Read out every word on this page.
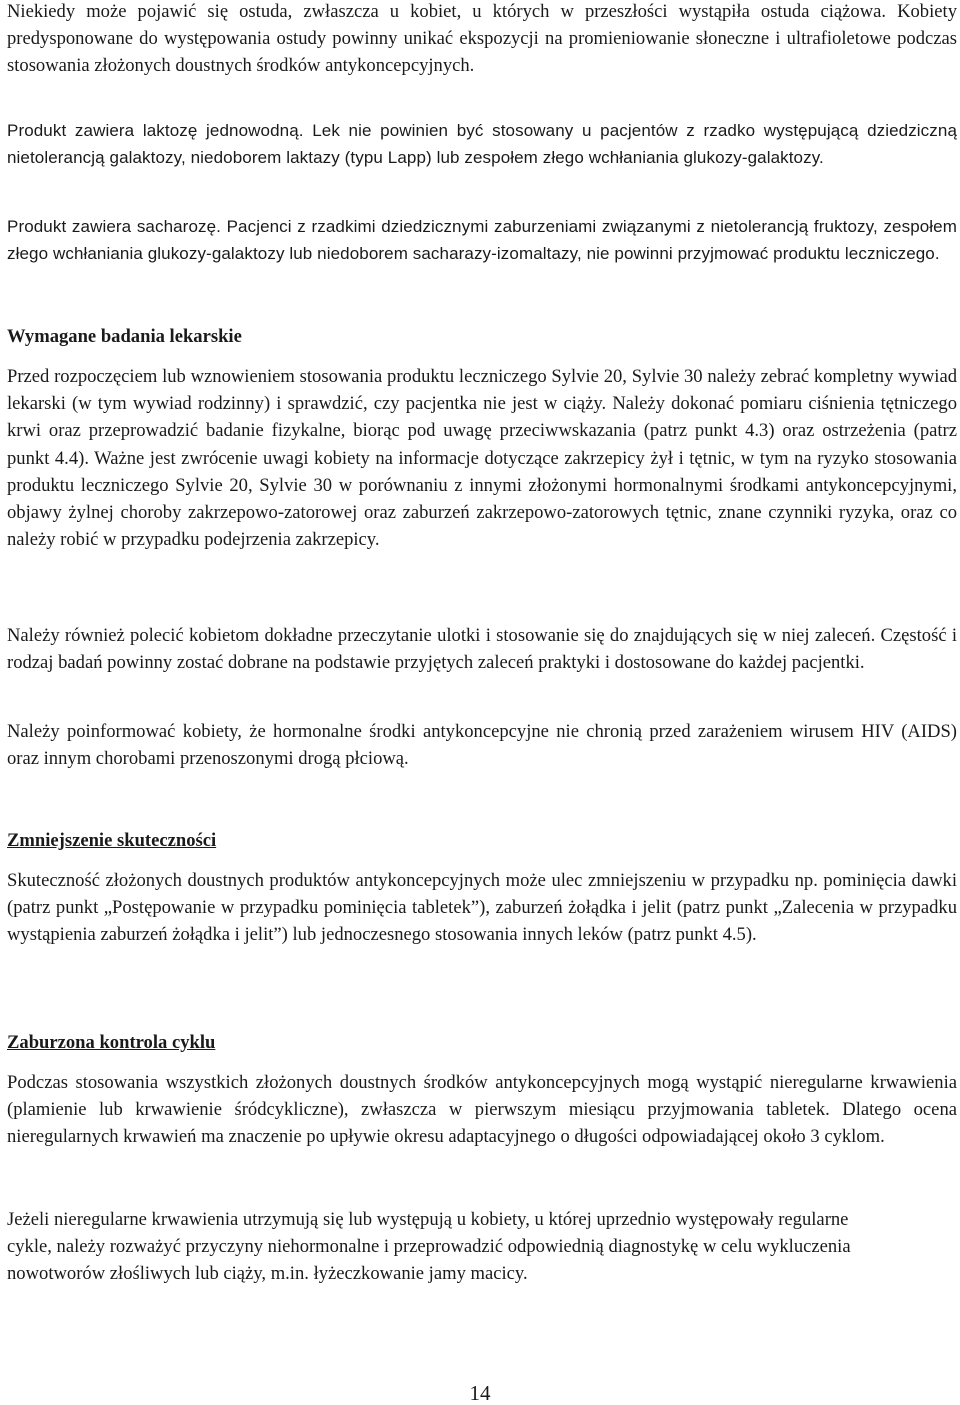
Niekiedy może pojawić się ostuda, zwłaszcza u kobiet, u których w przeszłości wystąpiła ostuda ciążowa. Kobiety predysponowane do występowania ostudy powinny unikać ekspozycji na promieniowanie słoneczne i ultrafioletowe podczas stosowania złożonych doustnych środków antykoncepcyjnych.

Produkt zawiera laktozę jednowodną. Lek nie powinien być stosowany u pacjentów z rzadko występującą dziedziczną nietolerancją galaktozy, niedoborem laktazy (typu Lapp) lub zespołem złego wchłaniania glukozy-galaktozy.

Produkt zawiera sacharozę. Pacjenci z rzadkimi dziedzicznymi zaburzeniami związanymi z nietolerancją fruktozy, zespołem złego wchłaniania glukozy-galaktozy lub niedoborem sacharazy-izomaltazy, nie powinni przyjmować produktu leczniczego.

Wymagane badania lekarskie

Przed rozpoczęciem lub wznowieniem stosowania produktu leczniczego Sylvie 20, Sylvie 30 należy zebrać kompletny wywiad lekarski (w tym wywiad rodzinny) i sprawdzić, czy pacjentka nie jest w ciąży. Należy dokonać pomiaru ciśnienia tętniczego krwi oraz przeprowadzić badanie fizykalne, biorąc pod uwagę przeciwwskazania (patrz punkt 4.3) oraz ostrzeżenia (patrz punkt 4.4). Ważne jest zwrócenie uwagi kobiety na informacje dotyczące zakrzepicy żył i tętnic, w tym na ryzyko stosowania produktu leczniczego Sylvie 20, Sylvie 30 w porównaniu z innymi złożonymi hormonalnymi środkami antykoncepcyjnymi, objawy żylnej choroby zakrzepowo-zatorowej oraz zaburzeń zakrzepowo-zatorowych tętnic, znane czynniki ryzyka, oraz co należy robić w przypadku podejrzenia zakrzepicy.

Należy również polecić kobietom dokładne przeczytanie ulotki i stosowanie się do znajdujących się w niej zaleceń. Częstość i rodzaj badań powinny zostać dobrane na podstawie przyjętych zaleceń praktyki i dostosowane do każdej pacjentki.

Należy poinformować kobiety, że hormonalne środki antykoncepcyjne nie chronią przed zarażeniem wirusem HIV (AIDS) oraz innym chorobami przenoszonymi drogą płciową.

Zmniejszenie skuteczności

Skuteczność złożonych doustnych produktów antykoncepcyjnych może ulec zmniejszeniu w przypadku np. pominięcia dawki (patrz punkt „Postępowanie w przypadku pominięcia tabletek”), zaburzeń żołądka i jelit (patrz punkt „Zalecenia w przypadku wystąpienia zaburzeń żołądka i jelit”) lub jednoczesnego stosowania innych leków (patrz punkt 4.5).

Zaburzona kontrola cyklu

Podczas stosowania wszystkich złożonych doustnych środków antykoncepcyjnych mogą wystąpić nieregularne krwawienia (plamienie lub krwawienie śródcykliczne), zwłaszcza w pierwszym miesiącu przyjmowania tabletek. Dlatego ocena nieregularnych krwawień ma znaczenie po upływie okresu adaptacyjnego o długości odpowiadającej około 3 cyklom.

Jeżeli nieregularne krwawienia utrzymują się lub występują u kobiety, u której uprzednio występowały regularne cykle, należy rozważyć przyczyny niehormonalne i przeprowadzić odpowiednią diagnostykę w celu wykluczenia nowotworów złośliwych lub ciąży, m.in. łyżeczkowanie jamy macicy.

14
